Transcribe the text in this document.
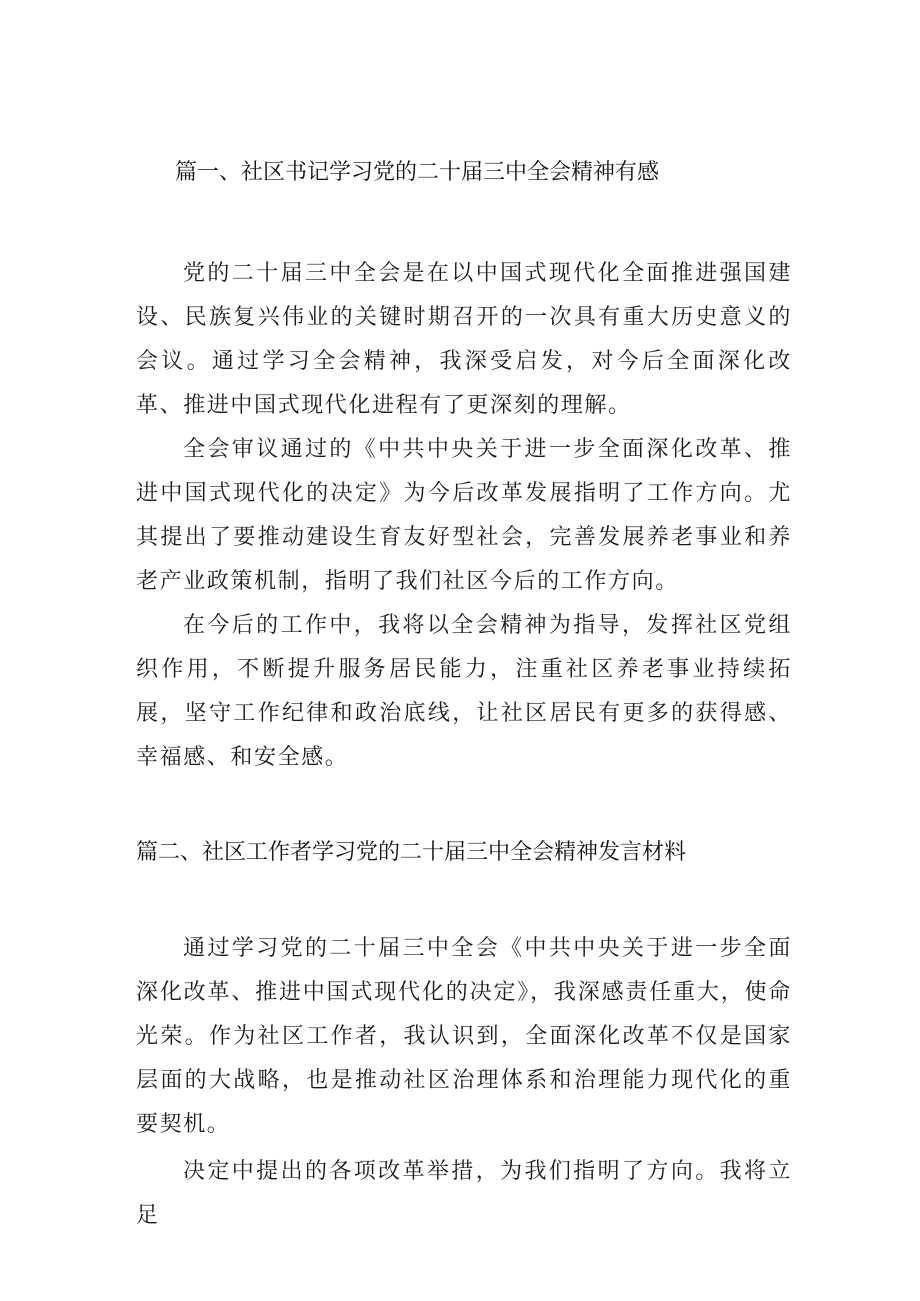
篇一、社区书记学习党的二十届三中全会精神有感

党的二十届三中全会是在以中国式现代化全面推进强国建设、民族复兴伟业的关键时期召开的一次具有重大历史意义的会议。通过学习全会精神，我深受启发，对今后全面深化改革、推进中国式现代化进程有了更深刻的理解。

全会审议通过的《中共中央关于进一步全面深化改革、推进中国式现代化的决定》为今后改革发展指明了工作方向。尤其提出了要推动建设生育友好型社会，完善发展养老事业和养老产业政策机制，指明了我们社区今后的工作方向。

在今后的工作中，我将以全会精神为指导，发挥社区党组织作用，不断提升服务居民能力，注重社区养老事业持续拓展，坚守工作纪律和政治底线，让社区居民有更多的获得感、幸福感、和安全感。

篇二、社区工作者学习党的二十届三中全会精神发言材料

通过学习党的二十届三中全会《中共中央关于进一步全面深化改革、推进中国式现代化的决定》，我深感责任重大，使命光荣。作为社区工作者，我认识到，全面深化改革不仅是国家层面的大战略，也是推动社区治理体系和治理能力现代化的重要契机。

决定中提出的各项改革举措，为我们指明了方向。我将立足
